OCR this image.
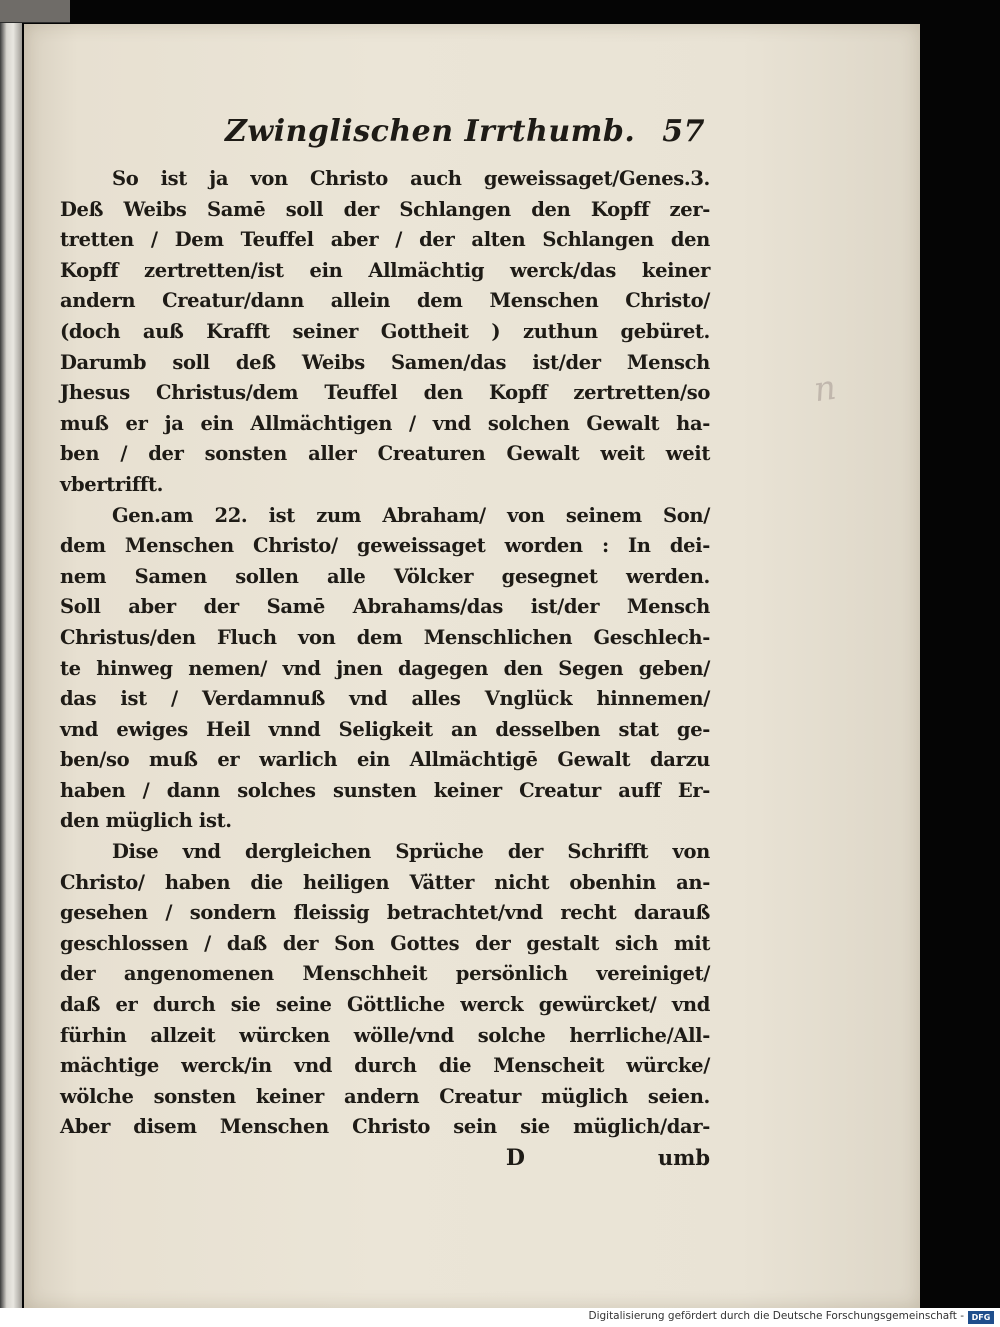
n
Zwinglischen Irrthumb. 57
So ist ja von Christo auch geweissaget/Genes.3.
Deß Weibs Samē soll der Schlangen den Kopff zer-
tretten / Dem Teuffel aber / der alten Schlangen den
Kopff zertretten/ist ein Allmächtig werck/das keiner
andern Creatur/dann allein dem Menschen Christo/
(doch auß Krafft seiner Gottheit ) zuthun gebüret.
Darumb soll deß Weibs Samen/das ist/der Mensch
Jhesus Christus/dem Teuffel den Kopff zertretten/so
muß er ja ein Allmächtigen / vnd solchen Gewalt ha-
ben / der sonsten aller Creaturen Gewalt weit weit
vbertrifft.
Gen.am 22. ist zum Abraham/ von seinem Son/
dem Menschen Christo/ geweissaget worden : In dei-
nem Samen sollen alle Völcker gesegnet werden.
Soll aber der Samē Abrahams/das ist/der Mensch
Christus/den Fluch von dem Menschlichen Geschlech-
te hinweg nemen/ vnd jnen dagegen den Segen geben/
das ist / Verdamnuß vnd alles Vnglück hinnemen/
vnd ewiges Heil vnnd Seligkeit an desselben stat ge-
ben/so muß er warlich ein Allmächtigē Gewalt darzu
haben / dann solches sunsten keiner Creatur auff Er-
den müglich ist.
Dise vnd dergleichen Sprüche der Schrifft von
Christo/ haben die heiligen Vätter nicht obenhin an-
gesehen / sondern fleissig betrachtet/vnd recht darauß
geschlossen / daß der Son Gottes der gestalt sich mit
der angenomenen Menschheit persönlich vereiniget/
daß er durch sie seine Göttliche werck gewürcket/ vnd
fürhin allzeit würcken wölle/vnd solche herrliche/All-
mächtige werck/in vnd durch die Menscheit würcke/
wölche sonsten keiner andern Creatur müglich seien.
Aber disem Menschen Christo sein sie müglich/dar-
D	umb
Digitalisierung gefördert durch die Deutsche Forschungsgemeinschaft - DFG
